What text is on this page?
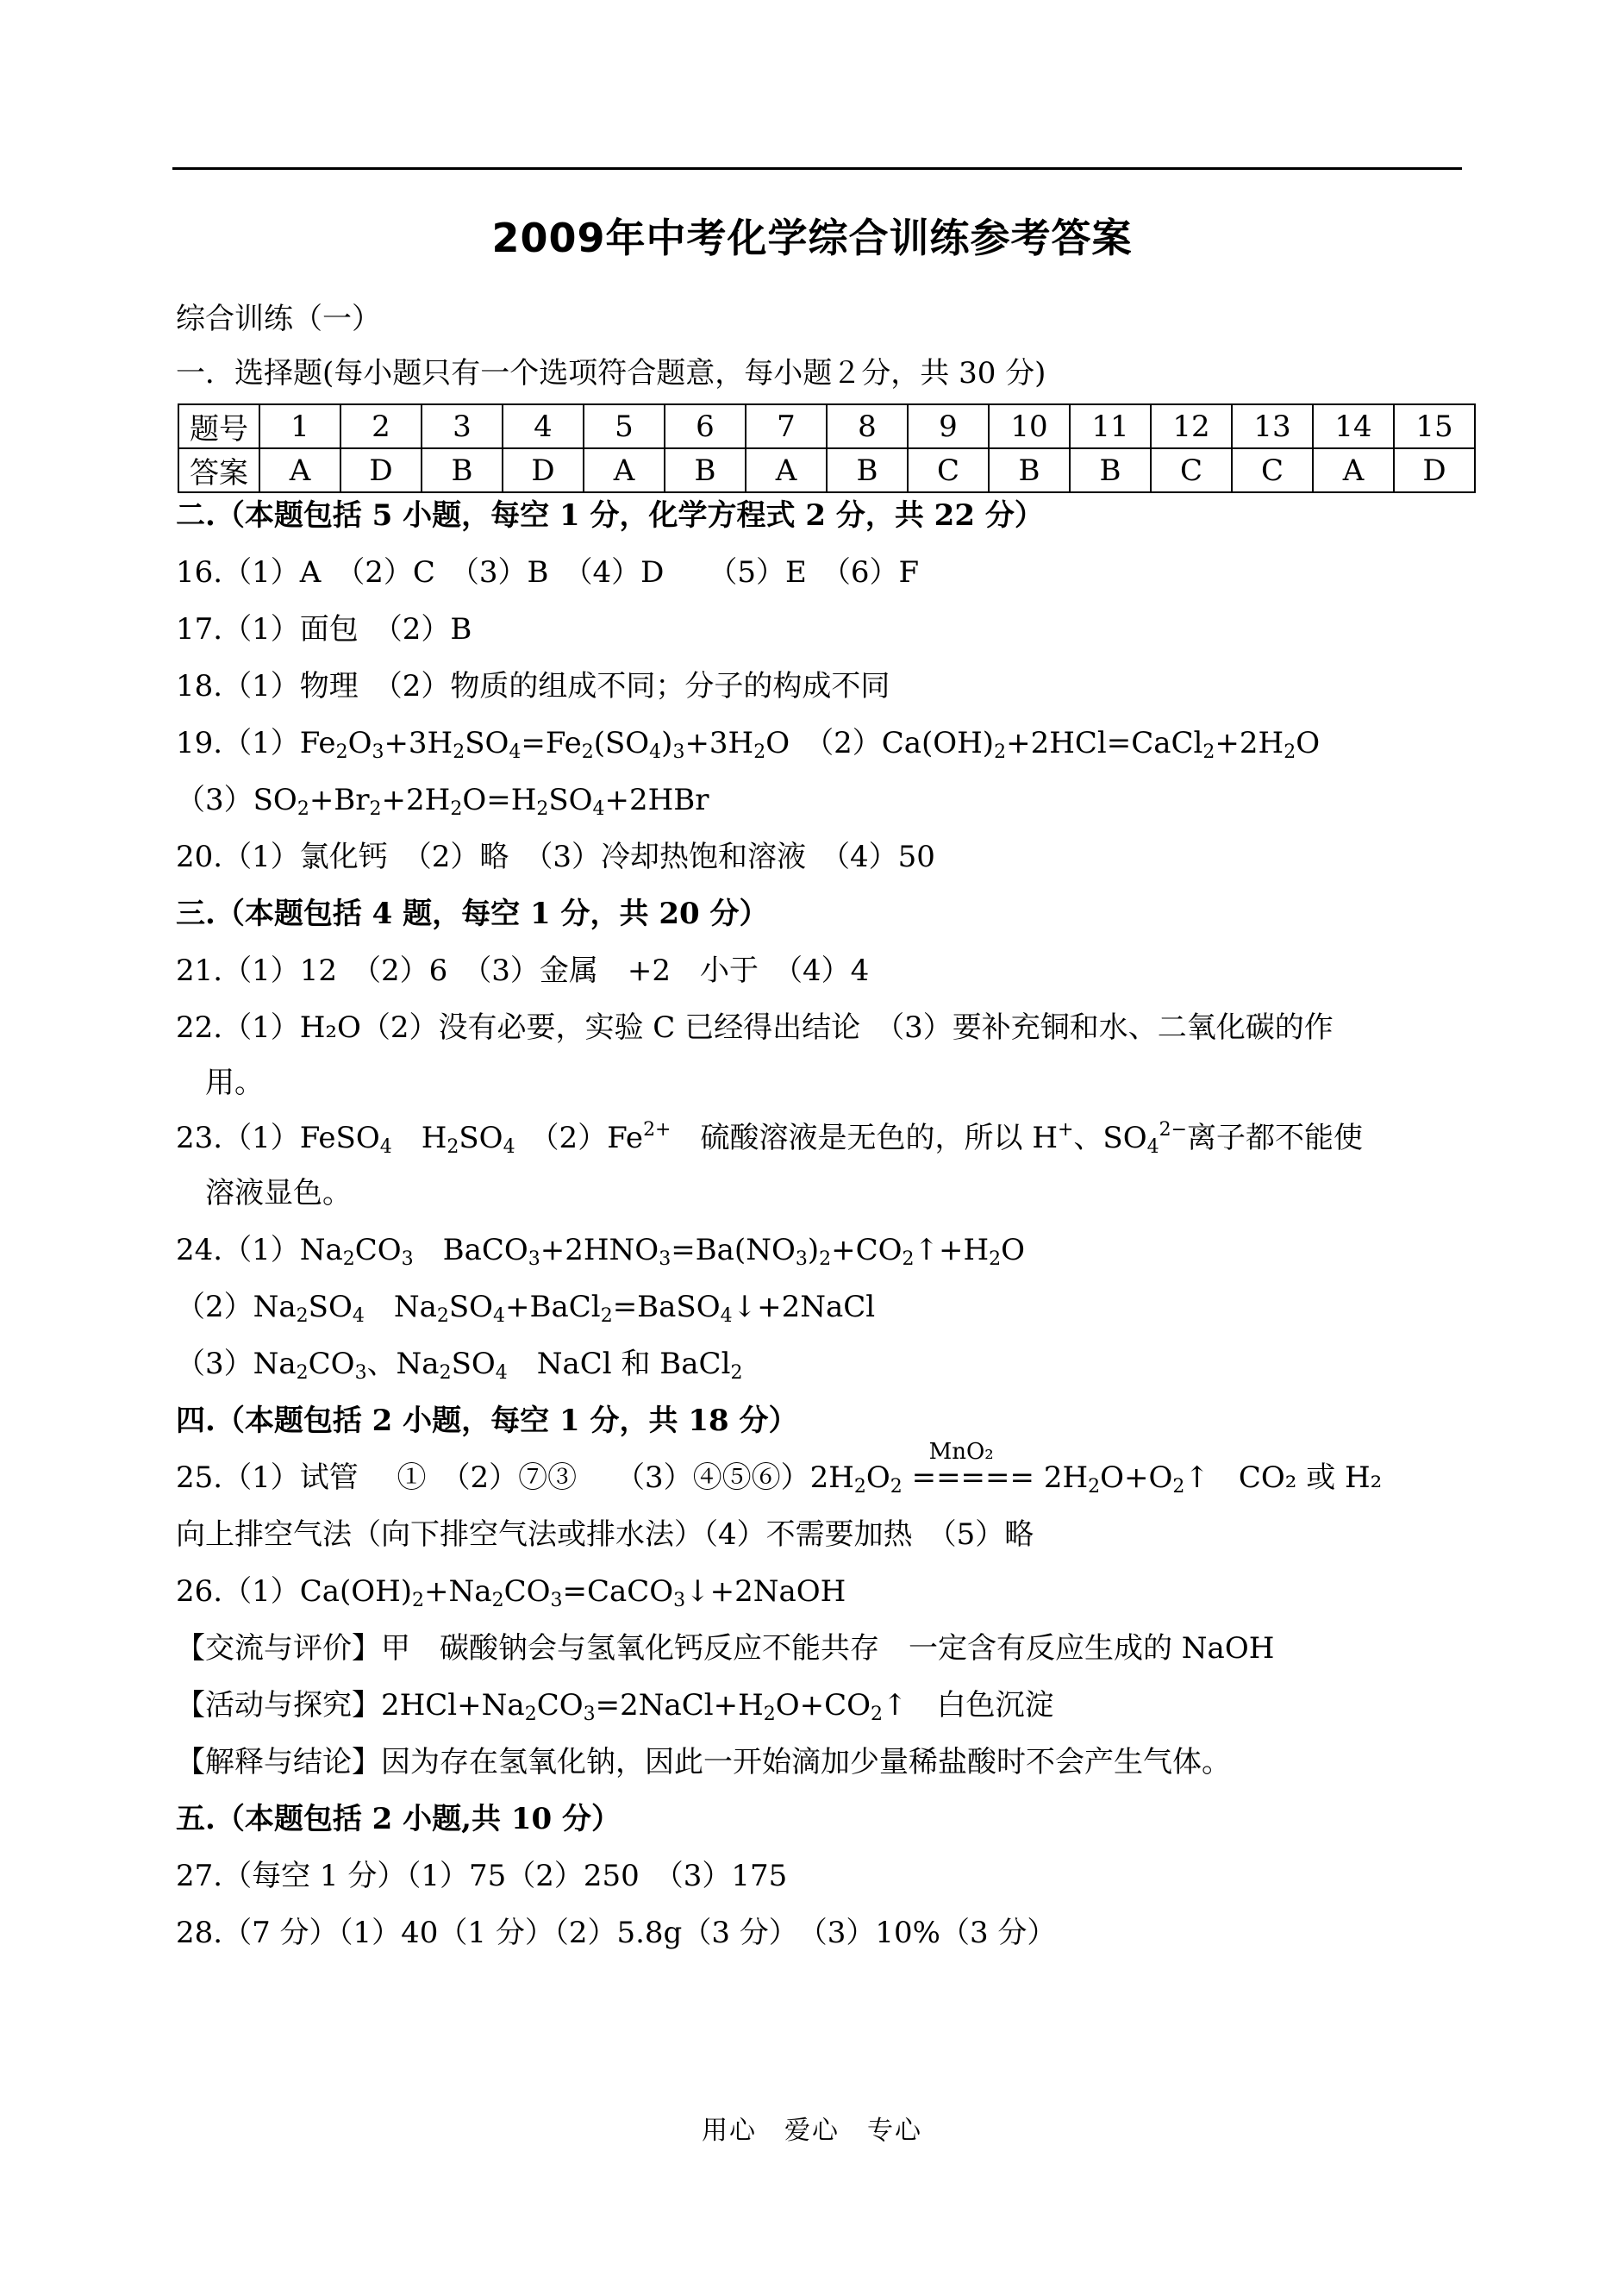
2009年中考化学综合训练参考答案
综合训练（一）
一．选择题(每小题只有一个选项符合题意，每小题２分，共 30 分)
题号	1	2	3	4	5	6	7	8	9	10	11	12	13	14	15
答案	A	D	B	D	A	B	A	B	C	B	B	C	C	A	D
二.（本题包括 5 小题，每空 1 分，化学方程式 2 分，共 22 分）
16.（1）A　（2）C　（3）B　（4）D　　（5）E　（6）F
17.（1）面包　（2）B
18.（1）物理　（2）物质的组成不同；分子的构成不同
$19.(1)Fe_2O_3+3H_2SO_4=Fe_2(SO_4)_3+3H_2O$　$(2)Ca(OH)_2+2HCl=CaCl_2+2H_2O$
$(3)SO_2+Br_2+2H_2O=H_2SO_4+2HBr$
20.（1）氯化钙　（2）略　（3）冷却热饱和溶液　（4）50
三.（本题包括 4 题，每空 1 分，共 20 分）
21.（1）12　（2）6　（3）金属　+2　小于　（4）4
22.（1）H₂O（2）没有必要，实验 C 已经得出结论　（3）要补充铜和水、二氧化碳的作
用。
23.（1）FeSO$_4$　$H_2SO_4$　$(2)Fe^{2+}$　硫酸溶液是无色的，所以 H+、$SO_4^{2-}$离子都不能使
溶液显色。
$24.(1)Na_2CO_3$　$BaCO_3+2HNO_3=Ba(NO_3)_2+CO_2↑+H_2O$
$(2)Na_2SO_4$　$Na_2SO_4+BaCl_2=BaSO_4↓+2NaCl$
$(3)Na_2CO_3$、$Na_2SO_4$　NaCl 和 BaCl$_2$
四.（本题包括 2 小题，每空 1 分，共 18 分）
25.（1）试管　 ①　（2）⑦③　 $(3)④⑤⑥)2H_2O_2$
MnO₂
===== $2H_2O+O_2↑$　CO₂ 或 H₂
向上排空气法（向下排空气法或排水法）（4）不需要加热　（5）略
$26.(1)Ca(OH)_2+Na_2CO_3=CaCO_3↓+2NaOH$
【交流与评价】甲　碳酸钠会与氢氧化钙反应不能共存　一定含有反应生成的 NaOH
【活动与探究】$2HCl+Na_2CO_3=2NaCl+H_2O+CO_2↑$　白色沉淀
【解释与结论】因为存在氢氧化钠，因此一开始滴加少量稀盐酸时不会产生气体。
五.（本题包括 2 小题,共 10 分）
27.（每空 1 分）（1）75（2）250　（3）175
28.（7 分）（1）40（1 分）（2）5.8g（3 分）　（3）10%（3 分）
用心　爱心　专心
